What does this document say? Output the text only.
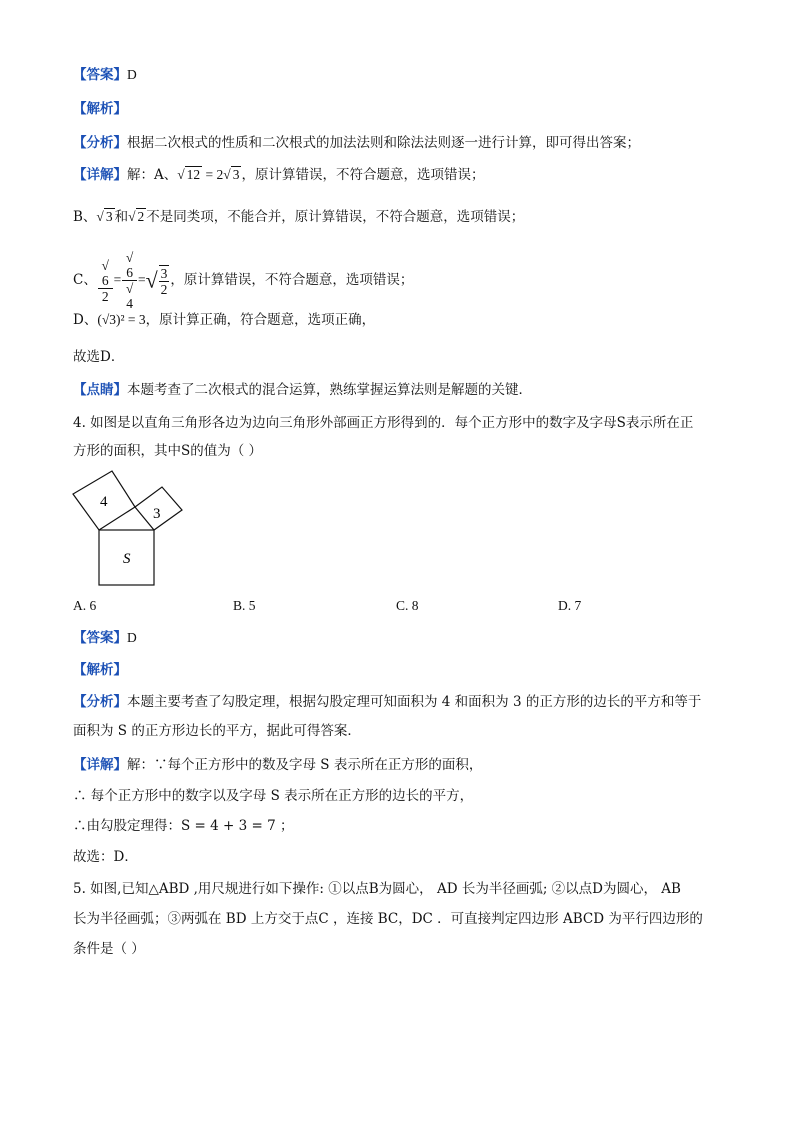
【答案】D
【解析】
【分析】根据二次根式的性质和二次根式的加法法则和除法法则逐一进行计算，即可得出答案；
【详解】解：A、√ 12 = 2√ 3 ，原计算错误，不符合题意，选项错误；
B、√ 3 和√ 2 不是同类项，不能合并，原计算错误，不符合题意，选项错误；
C、 √
6
2 = √
6
√
4 =√ $\frac{3}{2}$ ，原计算错误，不符合题意，选项错误；
D、(√3)² = 3，原计算正确，符合题意，选项正确，
故选D．
【点睛】本题考查了二次根式的混合运算，熟练掌握运算法则是解题的关键．
4. 如图是以直角三角形各边为边向三角形外部画正方形得到的．每个正方形中的数字及字母S表示所在正
方形的面积，其中S的值为（ ）
4
3
S
A. 6	B. 5	C. 8	D. 7
【答案】D
【解析】
【分析】本题主要考查了勾股定理，根据勾股定理可知面积为 4 和面积为 3 的正方形的边长的平方和等于
面积为 S 的正方形边长的平方，据此可得答案．
【详解】解：∵每个正方形中的数及字母 S 表示所在正方形的面积，
∴ 每个正方形中的数字以及字母 S 表示所在正方形的边长的平方，
∴由勾股定理得：S = 4 + 3 = 7 ；
故选：D．
5. 如图,已知△ABD ,用尺规进行如下操作: ①以点B为圆心， AD 长为半径画弧; ②以点D为圆心， AB
长为半径画弧；③两弧在 BD 上方交于点C ，连接 BC，DC ．可直接判定四边形 ABCD 为平行四边形的
条件是（ ）
